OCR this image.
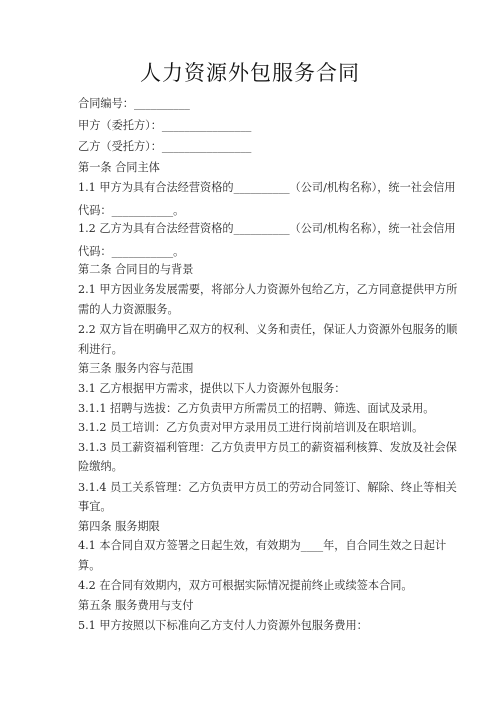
人力资源外包服务合同
合同编号：__________
甲方（委托方）：________________
乙方（受托方）：________________
第一条 合同主体
1.1 甲方为具有合法经营资格的__________（公司/机构名称），统一社会信用
代码：___________。
1.2 乙方为具有合法经营资格的__________（公司/机构名称），统一社会信用
代码：___________。
第二条 合同目的与背景
2.1 甲方因业务发展需要，将部分人力资源外包给乙方，乙方同意提供甲方所
需的人力资源服务。
2.2 双方旨在明确甲乙双方的权利、义务和责任，保证人力资源外包服务的顺
利进行。
第三条 服务内容与范围
3.1 乙方根据甲方需求，提供以下人力资源外包服务：
3.1.1 招聘与选拔：乙方负责甲方所需员工的招聘、筛选、面试及录用。
3.1.2 员工培训：乙方负责对甲方录用员工进行岗前培训及在职培训。
3.1.3 员工薪资福利管理：乙方负责甲方员工的薪资福利核算、发放及社会保
险缴纳。
3.1.4 员工关系管理：乙方负责甲方员工的劳动合同签订、解除、终止等相关
事宜。
第四条 服务期限
4.1 本合同自双方签署之日起生效，有效期为____年，自合同生效之日起计
算。
4.2 在合同有效期内，双方可根据实际情况提前终止或续签本合同。
第五条 服务费用与支付
5.1 甲方按照以下标准向乙方支付人力资源外包服务费用：
